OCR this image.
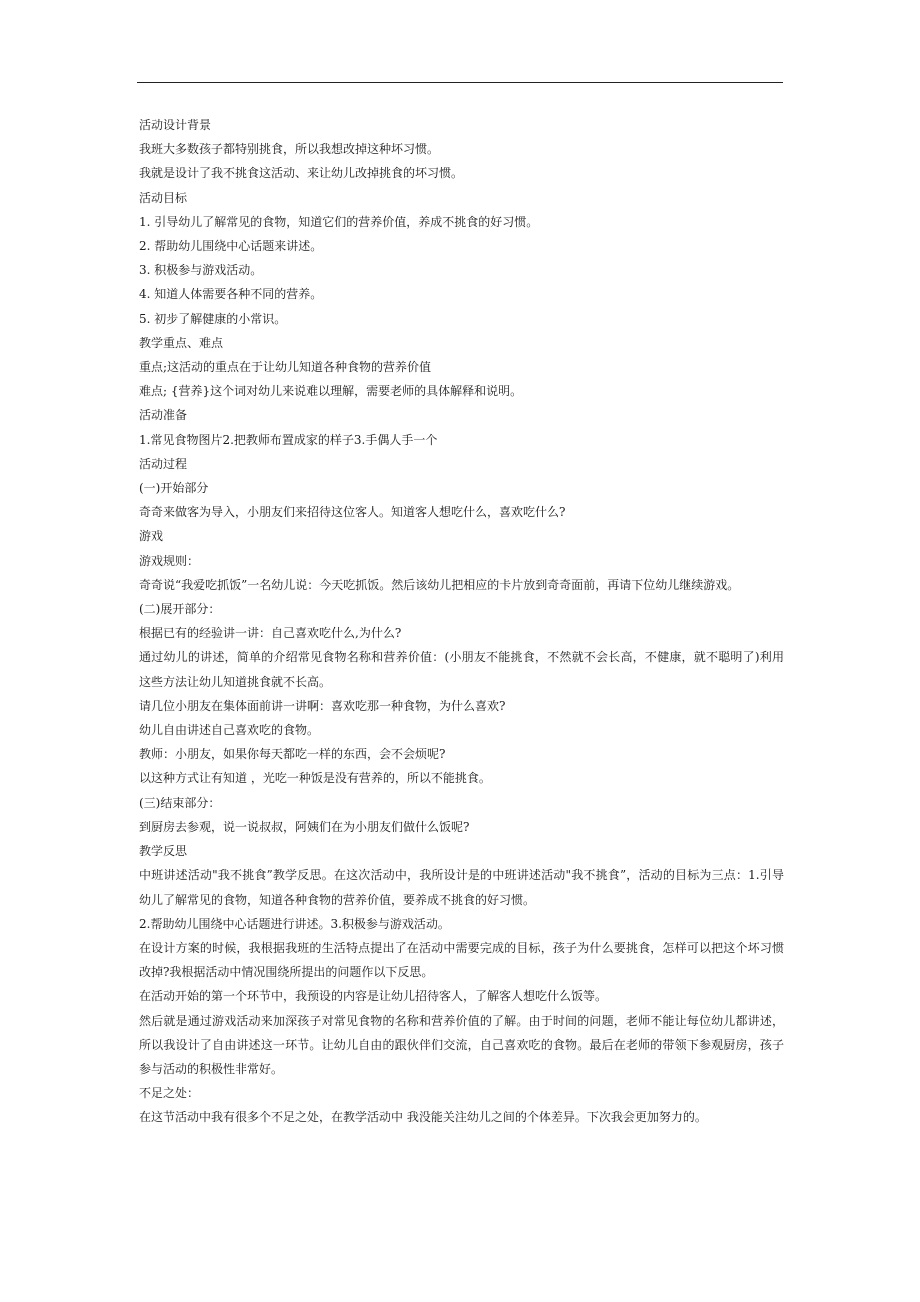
活动设计背景

我班大多数孩子都特别挑食，所以我想改掉这种坏习惯。

我就是设计了我不挑食这活动、来让幼儿改掉挑食的坏习惯。

活动目标

1. 引导幼儿了解常见的食物，知道它们的营养价值，养成不挑食的好习惯。

2. 帮助幼儿围绕中心话题来讲述。

3. 积极参与游戏活动。

4. 知道人体需要各种不同的营养。

5. 初步了解健康的小常识。

教学重点、难点

重点;这活动的重点在于让幼儿知道各种食物的营养价值

难点; {营养}这个词对幼儿来说难以理解，需要老师的具体解释和说明。

活动准备

1.常见食物图片2.把教师布置成家的样子3.手偶人手一个

活动过程

(一)开始部分

奇奇来做客为导入，小朋友们来招待这位客人。知道客人想吃什么，喜欢吃什么?

游戏

游戏规则：

奇奇说“我爱吃抓饭”一名幼儿说：今天吃抓饭。然后该幼儿把相应的卡片放到奇奇面前，再请下位幼儿继续游戏。

(二)展开部分：

根据已有的经验讲一讲：自己喜欢吃什么,为什么?

通过幼儿的讲述，简单的介绍常见食物名称和营养价值：(小朋友不能挑食，不然就不会长高，不健康，就不聪明了)利用这些方法让幼儿知道挑食就不长高。

请几位小朋友在集体面前讲一讲啊：喜欢吃那一种食物，为什么喜欢?

幼儿自由讲述自己喜欢吃的食物。

教师：小朋友，如果你每天都吃一样的东西，会不会烦呢?

以这种方式让有知道 ，光吃一种饭是没有营养的，所以不能挑食。

(三)结束部分：

到厨房去参观，说一说叔叔，阿姨们在为小朋友们做什么饭呢?

教学反思

中班讲述活动"我不挑食”教学反思。在这次活动中，我所设计是的中班讲述活动"我不挑食”，活动的目标为三点：1.引导幼儿了解常见的食物，知道各种食物的营养价值，要养成不挑食的好习惯。

2.帮助幼儿围绕中心话题进行讲述。3.积极参与游戏活动。

在设计方案的时候，我根据我班的生活特点提出了在活动中需要完成的目标，孩子为什么要挑食，怎样可以把这个坏习惯改掉?我根据活动中情况围绕所提出的问题作以下反思。

在活动开始的第一个环节中，我预设的内容是让幼儿招待客人，了解客人想吃什么饭等。

然后就是通过游戏活动来加深孩子对常见食物的名称和营养价值的了解。由于时间的问题，老师不能让每位幼儿都讲述，所以我设计了自由讲述这一环节。让幼儿自由的跟伙伴们交流，自己喜欢吃的食物。最后在老师的带领下参观厨房，孩子参与活动的积极性非常好。

不足之处：

在这节活动中我有很多个不足之处，在教学活动中 我没能关注幼儿之间的个体差异。下次我会更加努力的。
